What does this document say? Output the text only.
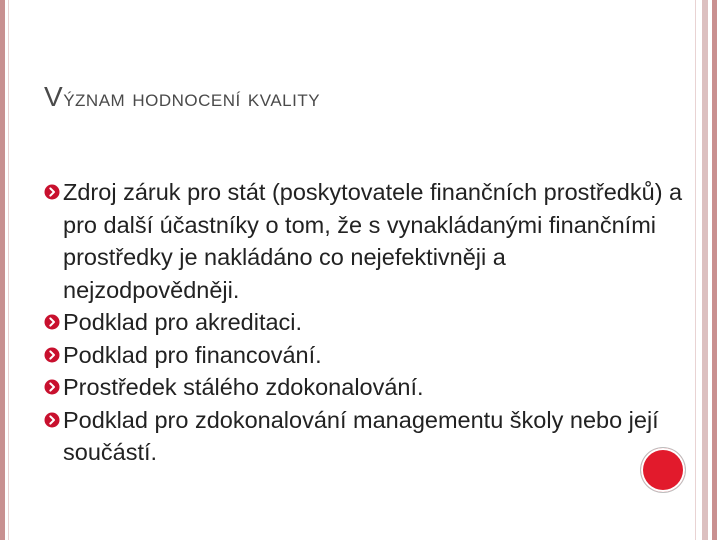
Význam hodnocení kvality
Zdroj záruk pro stát (poskytovatele finančních prostředků) a pro další účastníky o tom, že s vynakládanými finančními prostředky je nakládáno co nejefektivněji a nejzodpovědněji.
Podklad pro akreditaci.
Podklad pro financování.
Prostředek stálého zdokonalování.
Podklad pro zdokonalování managementu školy nebo její součástí.
